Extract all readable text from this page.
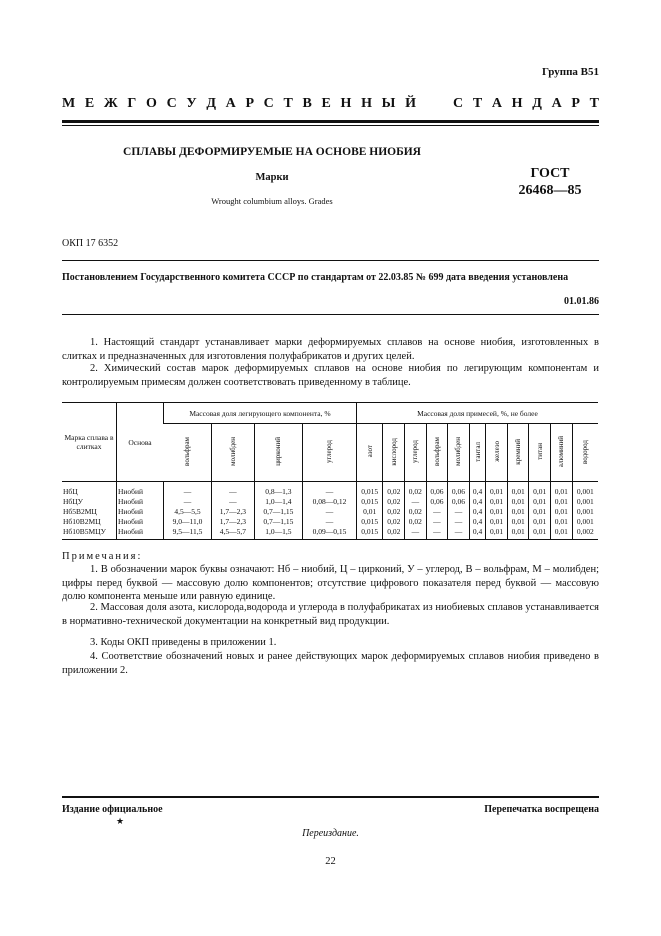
Группа В51
М Е Ж Г О С У Д А Р С Т В Е Н Н Ы Й	С Т А Н Д А Р Т
СПЛАВЫ ДЕФОРМИРУЕМЫЕ НА ОСНОВЕ НИОБИЯ
Марки
Wrought columbium alloys. Grades
ГОСТ
26468—85
ОКП 17 6352
Постановлением Государственного комитета СССР по стандартам от 22.03.85 № 699 дата введения установлена
01.01.86
1. Настоящий стандарт устанавливает марки деформируемых сплавов на основе ниобия, изготовленных в слитках и предназначенных для изготовления полуфабрикатов и других целей.
2. Химический состав марок деформируемых сплавов на основе ниобия по легирующим компонентам и контролируемым примесям должен соответствовать приведенному в таблице.
Марка сплава в слитках	Основа	Массовая доля легирующего компонента, %				Массовая доля примесей, %, не более										
		вольфрам	молибден	цирконий	углерод	азот	кислород	углерод	вольфрам	молибден	тантал	железо	кремний	титан	алюминий	водород
НбЦ	Ниобий	—	—	0,8—1,3	—	0,015	0,02	0,02	0,06	0,06	0,4	0,01	0,01	0,01	0,01	0,001
НбЦУ	Ниобий	—	—	1,0—1,4	0,08—0,12	0,015	0,02	—	0,06	0,06	0,4	0,01	0,01	0,01	0,01	0,001
Нб5В2МЦ	Ниобий	4,5—5,5	1,7—2,3	0,7—1,15	—	0,01	0,02	0,02	—	—	0,4	0,01	0,01	0,01	0,01	0,001
Нб10В2МЦ	Ниобий	9,0—11,0	1,7—2,3	0,7—1,15	—	0,015	0,02	0,02	—	—	0,4	0,01	0,01	0,01	0,01	0,001
Нб10В5МЦУ	Ниобий	9,5—11,5	4,5—5,7	1,0—1,5	0,09—0,15	0,015	0,02	—	—	—	0,4	0,01	0,01	0,01	0,01	0,002
Примечания:
1. В обозначении марок буквы означают: Нб – ниобий, Ц – цирконий, У – углерод, В – вольфрам, М – молибден; цифры перед буквой — массовую долю компонентов; отсутствие цифрового показателя перед буквой — массовую долю компонента меньше или равную единице.
2. Массовая доля азота, кислорода,водорода и углерода в полуфабрикатах из ниобиевых сплавов устанавливается в нормативно-технической документации на конкретный вид продукции.
3. Коды ОКП приведены в приложении 1.
4. Соответствие обозначений новых и ранее действующих марок деформируемых сплавов ниобия приведено в приложении 2.
Издание официальное	Перепечатка воспрещена
★
Переиздание.
22
